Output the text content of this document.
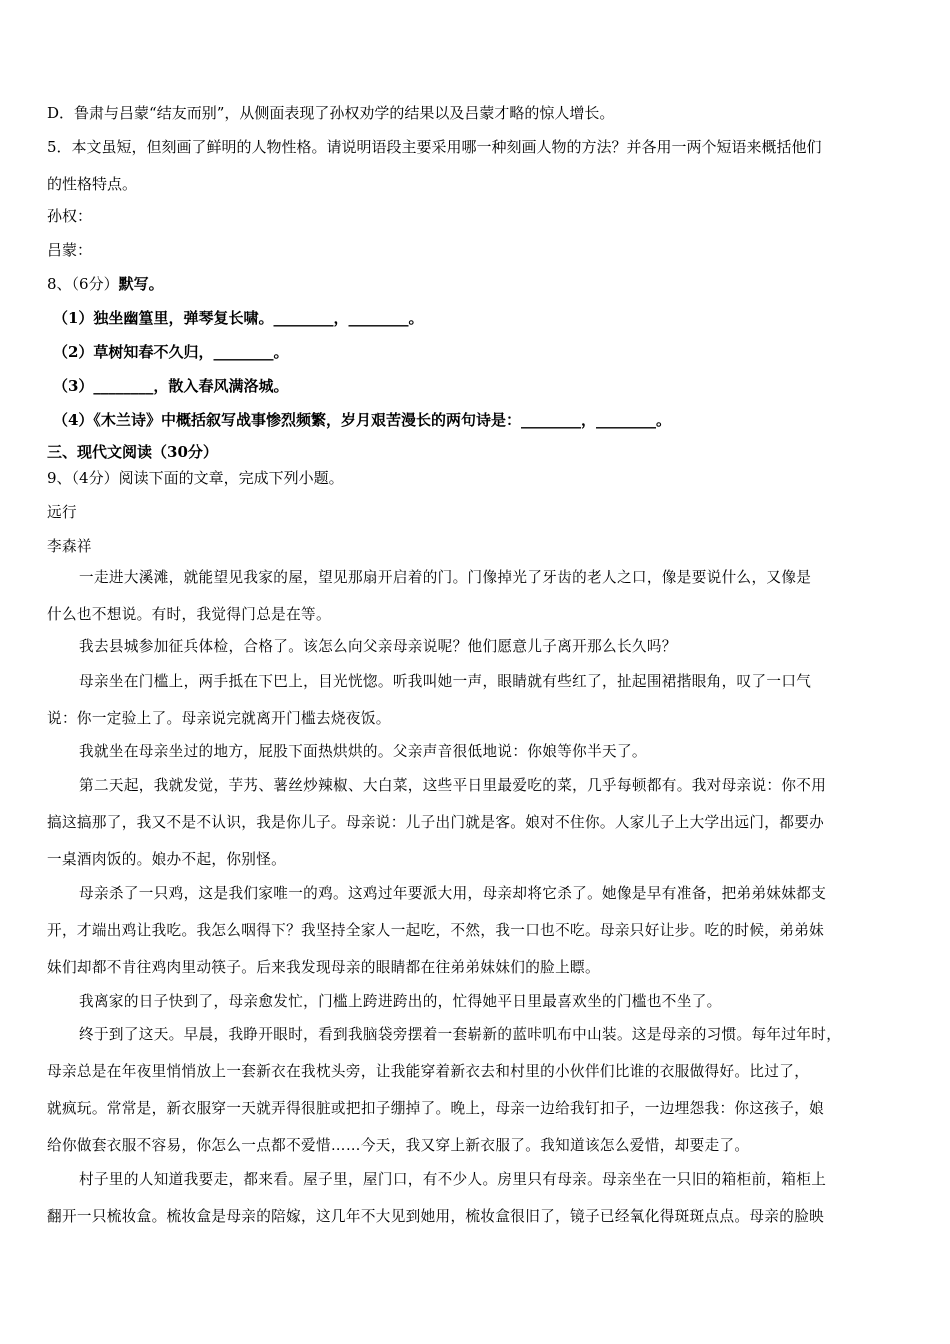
D．鲁肃与吕蒙“结友而别”，从侧面表现了孙权劝学的结果以及吕蒙才略的惊人增长。
5．本文虽短，但刻画了鲜明的人物性格。请说明语段主要采用哪一种刻画人物的方法？并各用一两个短语来概括他们
的性格特点。
孙权：
吕蒙：
8、（6分）默写。
（1）独坐幽篁里，弹琴复长啸。________，________。
（2）草树知春不久归，________。
（3）________，散入春风满洛城。
（4）《木兰诗》中概括叙写战事惨烈频繁，岁月艰苦漫长的两句诗是：________，________。
三、现代文阅读（30分）
9、（4分）阅读下面的文章，完成下列小题。
远行
李森祥
一走进大溪滩，就能望见我家的屋，望见那扇开启着的门。门像掉光了牙齿的老人之口，像是要说什么，又像是
什么也不想说。有时，我觉得门总是在等。
我去县城参加征兵体检，合格了。该怎么向父亲母亲说呢？他们愿意儿子离开那么长久吗？
母亲坐在门槛上，两手抵在下巴上，目光恍惚。听我叫她一声，眼睛就有些红了，扯起围裙揩眼角，叹了一口气
说：你一定验上了。母亲说完就离开门槛去烧夜饭。
我就坐在母亲坐过的地方，屁股下面热烘烘的。父亲声音很低地说：你娘等你半天了。
第二天起，我就发觉，芋艿、薯丝炒辣椒、大白菜，这些平日里最爱吃的菜，几乎每顿都有。我对母亲说：你不用
搞这搞那了，我又不是不认识，我是你儿子。母亲说：儿子出门就是客。娘对不住你。人家儿子上大学出远门，都要办
一桌酒肉饭的。娘办不起，你别怪。
母亲杀了一只鸡，这是我们家唯一的鸡。这鸡过年要派大用，母亲却将它杀了。她像是早有准备，把弟弟妹妹都支
开，才端出鸡让我吃。我怎么咽得下？我坚持全家人一起吃，不然，我一口也不吃。母亲只好让步。吃的时候，弟弟妹
妹们却都不肯往鸡肉里动筷子。后来我发现母亲的眼睛都在往弟弟妹妹们的脸上瞟。
我离家的日子快到了，母亲愈发忙，门槛上跨进跨出的，忙得她平日里最喜欢坐的门槛也不坐了。
终于到了这天。早晨，我睁开眼时，看到我脑袋旁摆着一套崭新的蓝咔叽布中山装。这是母亲的习惯。每年过年时，
母亲总是在年夜里悄悄放上一套新衣在我枕头旁，让我能穿着新衣去和村里的小伙伴们比谁的衣服做得好。比过了，
就疯玩。常常是，新衣服穿一天就弄得很脏或把扣子绷掉了。晚上，母亲一边给我钉扣子，一边埋怨我：你这孩子，娘
给你做套衣服不容易，你怎么一点都不爱惜……今天，我又穿上新衣服了。我知道该怎么爱惜，却要走了。
村子里的人知道我要走，都来看。屋子里，屋门口，有不少人。房里只有母亲。母亲坐在一只旧的箱柜前，箱柜上
翻开一只梳妆盒。梳妆盒是母亲的陪嫁，这几年不大见到她用，梳妆盒很旧了，镜子已经氧化得斑斑点点。母亲的脸映
